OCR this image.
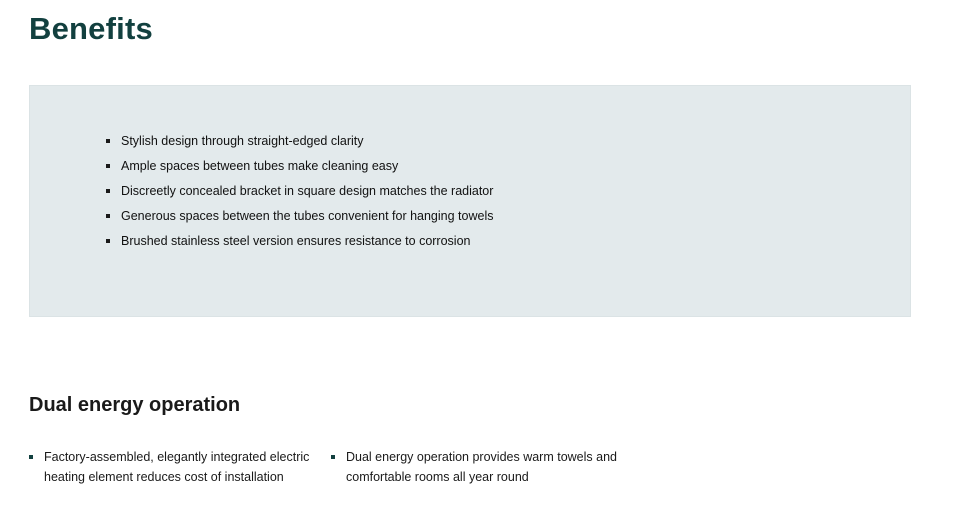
Benefits
Stylish design through straight-edged clarity
Ample spaces between tubes make cleaning easy
Discreetly concealed bracket in square design matches the radiator
Generous spaces between the tubes convenient for hanging towels
Brushed stainless steel version ensures resistance to corrosion
Dual energy operation
Factory-assembled, elegantly integrated electric heating element reduces cost of installation
Dual energy operation provides warm towels and comfortable rooms all year round
